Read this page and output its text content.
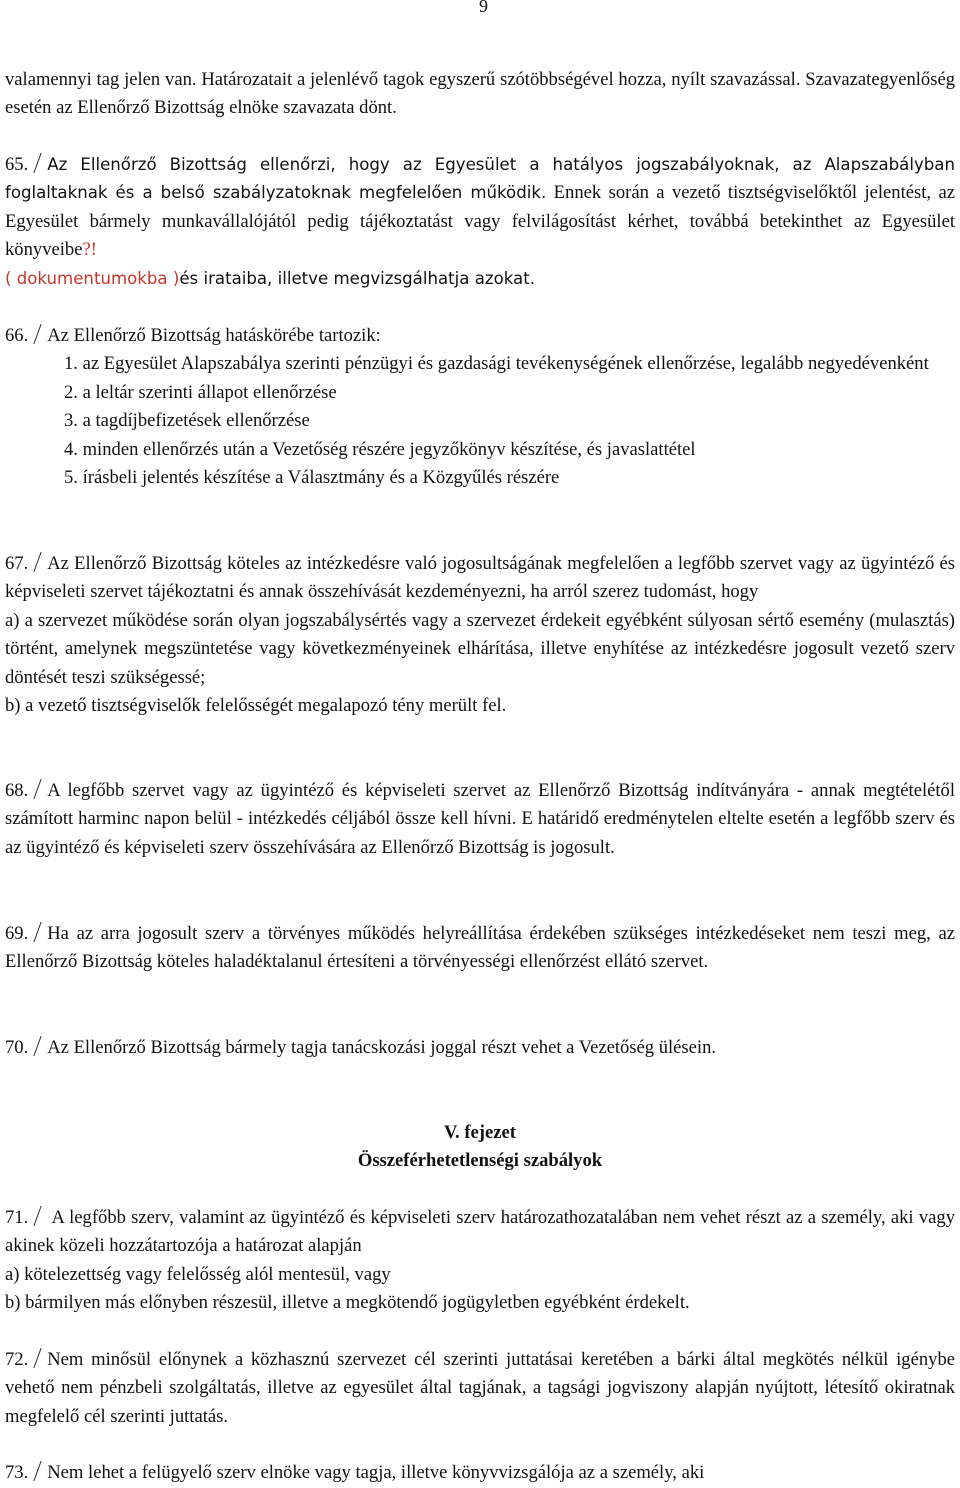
9

valamennyi tag jelen van. Határozatait a jelenlévő tagok egyszerű szótöbbségével hozza, nyílt szavazással. Szavazategyenlőség esetén az Ellenőrző Bizottság elnöke szavazata dönt.

65. Az Ellenőrző Bizottság ellenőrzi, hogy az Egyesület a hatályos jogszabályoknak, az Alapszabályban foglaltaknak és a belső szabályzatoknak megfelelően működik. Ennek során a vezető tisztségviselőktől jelentést, az Egyesület bármely munkavállalójától pedig tájékoztatást vagy felvilágosítást kérhet, továbbá betekinthet az Egyesület könyveibe?!
( dokumentumokba )és irataiba, illetve megvizsgálhatja azokat.

66. Az Ellenőrző Bizottság hatáskörébe tartozik:

1. az Egyesület Alapszabálya szerinti pénzügyi és gazdasági tevékenységének ellenőrzése, legalább negyedévenként

2. a leltár szerinti állapot ellenőrzése

3. a tagdíjbefizetések ellenőrzése

4. minden ellenőrzés után a Vezetőség részére jegyzőkönyv készítése, és javaslattétel

5. írásbeli jelentés készítése a Választmány és a Közgyűlés részére

67. Az Ellenőrző Bizottság köteles az intézkedésre való jogosultságának megfelelően a legfőbb szervet vagy az ügyintéző és képviseleti szervet tájékoztatni és annak összehívását kezdeményezni, ha arról szerez tudomást, hogy

a) a szervezet működése során olyan jogszabálysértés vagy a szervezet érdekeit egyébként súlyosan sértő esemény (mulasztás) történt, amelynek megszüntetése vagy következményeinek elhárítása, illetve enyhítése az intézkedésre jogosult vezető szerv döntését teszi szükségessé;

b) a vezető tisztségviselők felelősségét megalapozó tény merült fel.

68. A legfőbb szervet vagy az ügyintéző és képviseleti szervet az Ellenőrző Bizottság indítványára - annak megtételétől számított harminc napon belül - intézkedés céljából össze kell hívni. E határidő eredménytelen eltelte esetén a legfőbb szerv és az ügyintéző és képviseleti szerv összehívására az Ellenőrző Bizottság is jogosult.

69. Ha az arra jogosult szerv a törvényes működés helyreállítása érdekében szükséges intézkedéseket nem teszi meg, az Ellenőrző Bizottság köteles haladéktalanul értesíteni a törvényességi ellenőrzést ellátó szervet.

70. Az Ellenőrző Bizottság bármely tagja tanácskozási joggal részt vehet a Vezetőség ülésein.

V. fejezet

Összeférhetetlenségi szabályok

71. A legfőbb szerv, valamint az ügyintéző és képviseleti szerv határozathozatalában nem vehet részt az a személy, aki vagy akinek közeli hozzátartozója a határozat alapján

a) kötelezettség vagy felelősség alól mentesül, vagy

b) bármilyen más előnyben részesül, illetve a megkötendő jogügyletben egyébként érdekelt.

72. Nem minősül előnynek a közhasznú szervezet cél szerinti juttatásai keretében a bárki által megkötés nélkül igénybe vehető nem pénzbeli szolgáltatás, illetve az egyesület által tagjának, a tagsági jogviszony alapján nyújtott, létesítő okiratnak megfelelő cél szerinti juttatás.

73. Nem lehet a felügyelő szerv elnöke vagy tagja, illetve könyvvizsgálója az a személy, aki
